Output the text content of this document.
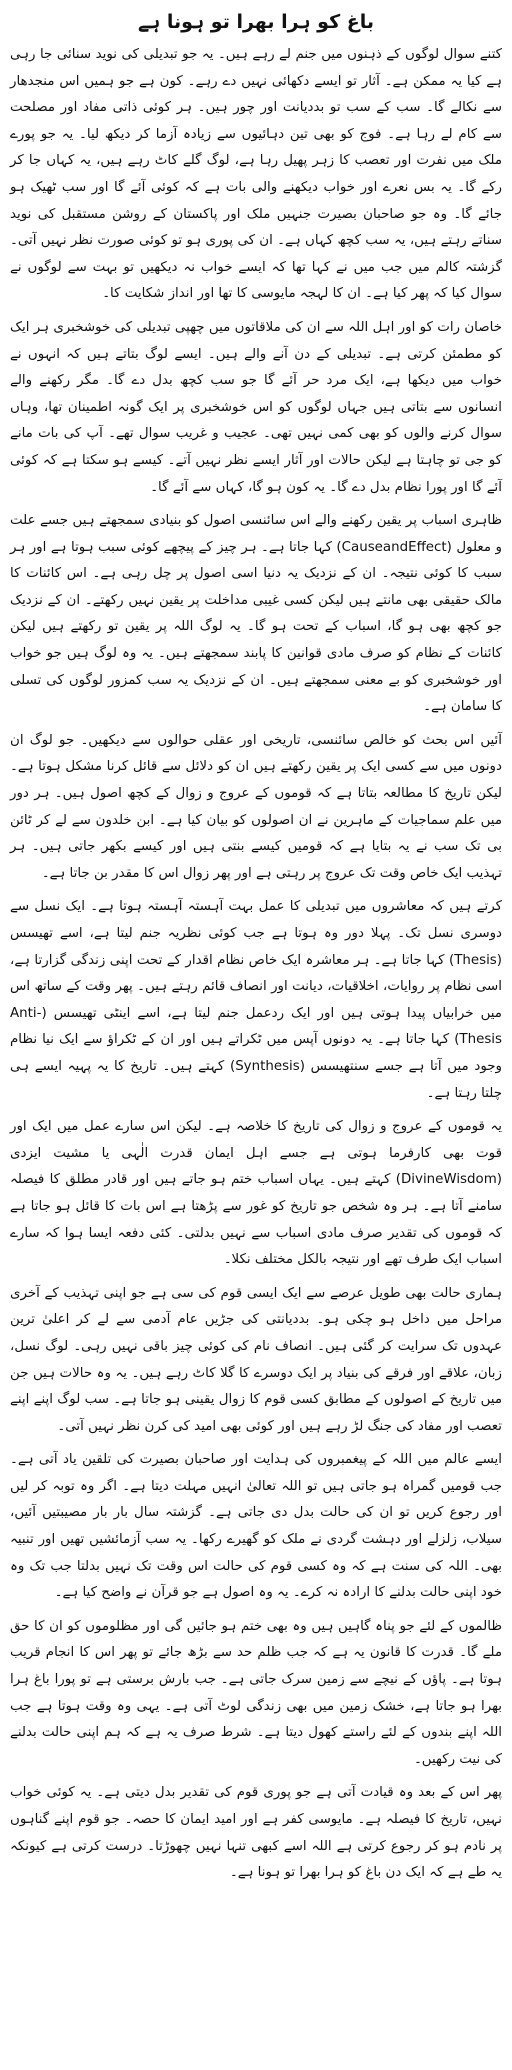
باغ کو ہرا بھرا تو ہونا ہے

کتنے سوال لوگوں کے ذہنوں میں جنم لے رہے ہیں۔ یہ جو تبدیلی کی نوید سنائی جا رہی ہے کیا یہ ممکن ہے۔ آثار تو ایسے دکھائی نہیں دے رہے۔ کون ہے جو ہمیں اس منجدھار سے نکالے گا۔ سب کے سب تو بددیانت اور چور ہیں۔ ہر کوئی ذاتی مفاد اور مصلحت سے کام لے رہا ہے۔ فوج کو بھی تین دہائیوں سے زیادہ آزما کر دیکھ لیا۔ یہ جو پورے ملک میں نفرت اور تعصب کا زہر پھیل رہا ہے، لوگ گلے کاٹ رہے ہیں، یہ کہاں جا کر رکے گا۔ یہ بس نعرے اور خواب دیکھنے والی بات ہے کہ کوئی آئے گا اور سب ٹھیک ہو جائے گا۔ وہ جو صاحبان بصیرت جنہیں ملک اور پاکستان کے روشن مستقبل کی نوید سناتے رہتے ہیں، یہ سب کچھ کہاں ہے۔ ان کی پوری ہو تو کوئی صورت نظر نہیں آتی۔ گزشتہ کالم میں جب میں نے کہا تھا کہ ایسے خواب نہ دیکھیں تو بہت سے لوگوں نے سوال کیا کہ پھر کیا ہے۔ ان کا لہجہ مایوسی کا تھا اور انداز شکایت کا۔

خاصان رات کو اور اہل اللہ سے ان کی ملاقاتوں میں چھپی تبدیلی کی خوشخبری ہر ایک کو مطمئن کرتی ہے۔ تبدیلی کے دن آنے والے ہیں۔ ایسے لوگ بتاتے ہیں کہ انہوں نے خواب میں دیکھا ہے، ایک مرد حر آئے گا جو سب کچھ بدل دے گا۔ مگر رکھنے والے انسانوں سے بتاتی ہیں جہاں لوگوں کو اس خوشخبری پر ایک گونہ اطمینان تھا، وہاں سوال کرنے والوں کو بھی کمی نہیں تھی۔ عجیب و غریب سوال تھے۔ آپ کی بات مانے کو جی تو چاہتا ہے لیکن حالات اور آثار ایسے نظر نہیں آتے۔ کیسے ہو سکتا ہے کہ کوئی آئے گا اور پورا نظام بدل دے گا۔ یہ کون ہو گا، کہاں سے آئے گا۔

ظاہری اسباب پر یقین رکھنے والے اس سائنسی اصول کو بنیادی سمجھتے ہیں جسے علت و معلول (CauseandEffect) کہا جاتا ہے۔ ہر چیز کے پیچھے کوئی سبب ہوتا ہے اور ہر سبب کا کوئی نتیجہ۔ ان کے نزدیک یہ دنیا اسی اصول پر چل رہی ہے۔ اس کائنات کا مالک حقیقی بھی مانتے ہیں لیکن کسی غیبی مداخلت پر یقین نہیں رکھتے۔ ان کے نزدیک جو کچھ بھی ہو گا، اسباب کے تحت ہو گا۔ یہ لوگ اللہ پر یقین تو رکھتے ہیں لیکن کائنات کے نظام کو صرف مادی قوانین کا پابند سمجھتے ہیں۔ یہ وہ لوگ ہیں جو خواب اور خوشخبری کو بے معنی سمجھتے ہیں۔ ان کے نزدیک یہ سب کمزور لوگوں کی تسلی کا سامان ہے۔

آئیں اس بحث کو خالص سائنسی، تاریخی اور عقلی حوالوں سے دیکھیں۔ جو لوگ ان دونوں میں سے کسی ایک پر یقین رکھتے ہیں ان کو دلائل سے قائل کرنا مشکل ہوتا ہے۔ لیکن تاریخ کا مطالعہ بتاتا ہے کہ قوموں کے عروج و زوال کے کچھ اصول ہیں۔ ہر دور میں علم سماجیات کے ماہرین نے ان اصولوں کو بیان کیا ہے۔ ابن خلدون سے لے کر ٹائن بی تک سب نے یہ بتایا ہے کہ قومیں کیسے بنتی ہیں اور کیسے بکھر جاتی ہیں۔ ہر تہذیب ایک خاص وقت تک عروج پر رہتی ہے اور پھر زوال اس کا مقدر بن جاتا ہے۔

کرتے ہیں کہ معاشروں میں تبدیلی کا عمل بہت آہستہ آہستہ ہوتا ہے۔ ایک نسل سے دوسری نسل تک۔ پہلا دور وہ ہوتا ہے جب کوئی نظریہ جنم لیتا ہے، اسے تھیسس (Thesis) کہا جاتا ہے۔ ہر معاشرہ ایک خاص نظام اقدار کے تحت اپنی زندگی گزارتا ہے، اسی نظام پر روایات، اخلاقیات، دیانت اور انصاف قائم رہتے ہیں۔ پھر وقت کے ساتھ اس میں خرابیاں پیدا ہوتی ہیں اور ایک ردعمل جنم لیتا ہے، اسے اینٹی تھیسس (Anti-Thesis) کہا جاتا ہے۔ یہ دونوں آپس میں ٹکراتے ہیں اور ان کے ٹکراؤ سے ایک نیا نظام وجود میں آتا ہے جسے سنتھیسس (Synthesis) کہتے ہیں۔ تاریخ کا یہ پہیہ ایسے ہی چلتا رہتا ہے۔

یہ قوموں کے عروج و زوال کی تاریخ کا خلاصہ ہے۔ لیکن اس سارے عمل میں ایک اور قوت بھی کارفرما ہوتی ہے جسے اہل ایمان قدرت الٰہی یا مشیت ایزدی (DivineWisdom) کہتے ہیں۔ یہاں اسباب ختم ہو جاتے ہیں اور قادر مطلق کا فیصلہ سامنے آتا ہے۔ ہر وہ شخص جو تاریخ کو غور سے پڑھتا ہے اس بات کا قائل ہو جاتا ہے کہ قوموں کی تقدیر صرف مادی اسباب سے نہیں بدلتی۔ کئی دفعہ ایسا ہوا کہ سارے اسباب ایک طرف تھے اور نتیجہ بالکل مختلف نکلا۔

ہماری حالت بھی طویل عرصے سے ایک ایسی قوم کی سی ہے جو اپنی تہذیب کے آخری مراحل میں داخل ہو چکی ہو۔ بددیانتی کی جڑیں عام آدمی سے لے کر اعلیٰ ترین عہدوں تک سرایت کر گئی ہیں۔ انصاف نام کی کوئی چیز باقی نہیں رہی۔ لوگ نسل، زبان، علاقے اور فرقے کی بنیاد پر ایک دوسرے کا گلا کاٹ رہے ہیں۔ یہ وہ حالات ہیں جن میں تاریخ کے اصولوں کے مطابق کسی قوم کا زوال یقینی ہو جاتا ہے۔ سب لوگ اپنے اپنے تعصب اور مفاد کی جنگ لڑ رہے ہیں اور کوئی بھی امید کی کرن نظر نہیں آتی۔

ایسے عالم میں اللہ کے پیغمبروں کی ہدایت اور صاحبان بصیرت کی تلقین یاد آتی ہے۔ جب قومیں گمراہ ہو جاتی ہیں تو اللہ تعالیٰ انہیں مہلت دیتا ہے۔ اگر وہ توبہ کر لیں اور رجوع کریں تو ان کی حالت بدل دی جاتی ہے۔ گزشتہ سال بار بار مصیبتیں آئیں، سیلاب، زلزلے اور دہشت گردی نے ملک کو گھیرے رکھا۔ یہ سب آزمائشیں تھیں اور تنبیہ بھی۔ اللہ کی سنت ہے کہ وہ کسی قوم کی حالت اس وقت تک نہیں بدلتا جب تک وہ خود اپنی حالت بدلنے کا ارادہ نہ کرے۔ یہ وہ اصول ہے جو قرآن نے واضح کیا ہے۔

ظالموں کے لئے جو پناہ گاہیں ہیں وہ بھی ختم ہو جائیں گی اور مظلوموں کو ان کا حق ملے گا۔ قدرت کا قانون یہ ہے کہ جب ظلم حد سے بڑھ جائے تو پھر اس کا انجام قریب ہوتا ہے۔ پاؤں کے نیچے سے زمین سرک جاتی ہے۔ جب بارش برستی ہے تو پورا باغ ہرا بھرا ہو جاتا ہے، خشک زمین میں بھی زندگی لوٹ آتی ہے۔ یہی وہ وقت ہوتا ہے جب اللہ اپنے بندوں کے لئے راستے کھول دیتا ہے۔ شرط صرف یہ ہے کہ ہم اپنی حالت بدلنے کی نیت رکھیں۔

پھر اس کے بعد وہ قیادت آتی ہے جو پوری قوم کی تقدیر بدل دیتی ہے۔ یہ کوئی خواب نہیں، تاریخ کا فیصلہ ہے۔ مایوسی کفر ہے اور امید ایمان کا حصہ۔ جو قوم اپنے گناہوں پر نادم ہو کر رجوع کرتی ہے اللہ اسے کبھی تنہا نہیں چھوڑتا۔ درست کرتی ہے کیونکہ یہ طے ہے کہ ایک دن باغ کو ہرا بھرا تو ہونا ہے۔
